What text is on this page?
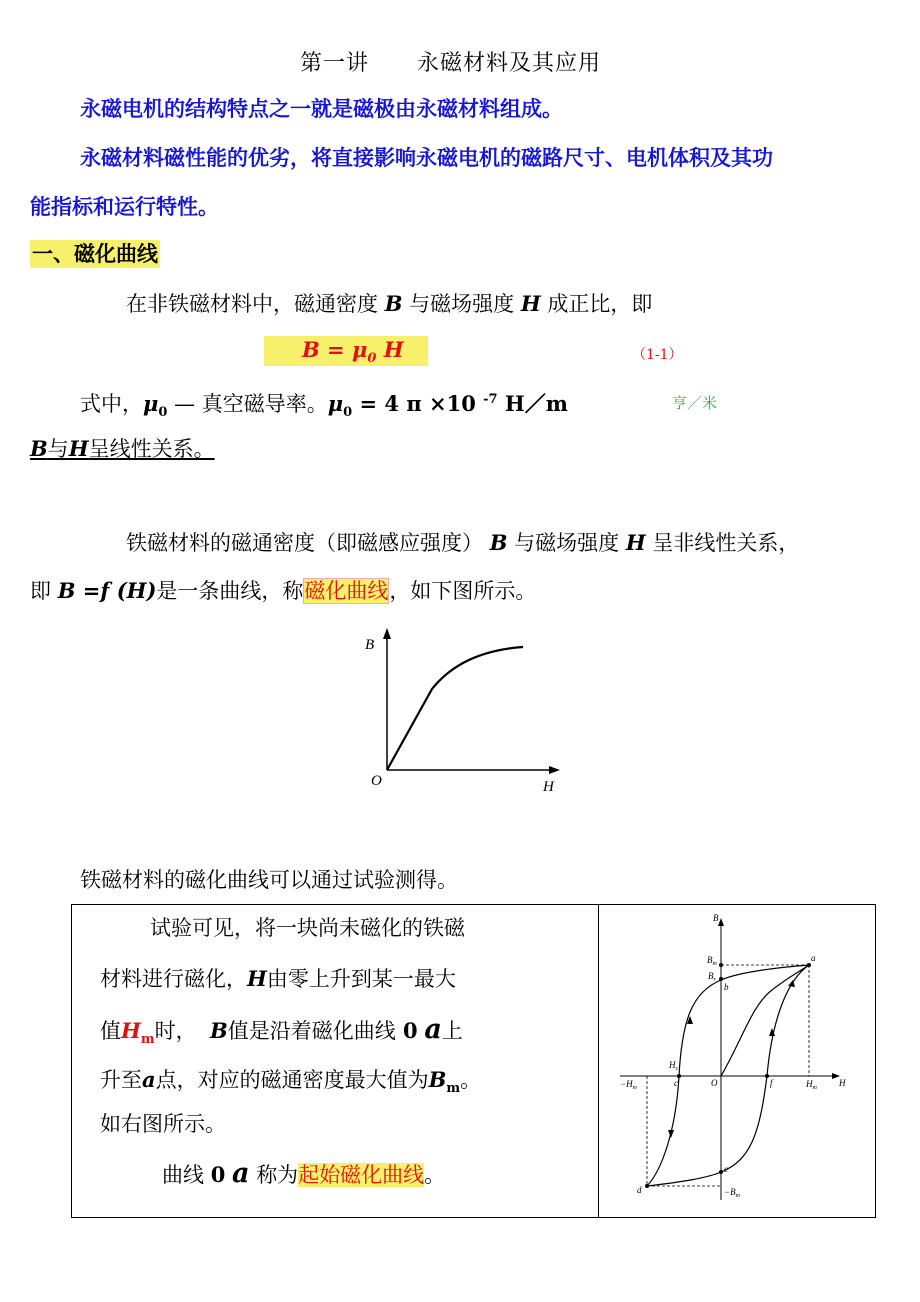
第一讲 永磁材料及其应用
永磁电机的结构特点之一就是磁极由永磁材料组成。
永磁材料磁性能的优劣，将直接影响永磁电机的磁路尺寸、电机体积及其功
能指标和运行特性。
一、磁化曲线
在非铁磁材料中，磁通密度 B 与磁场强度 H 成正比，即
$B = \mu_0$ H	（1-1）
式中，$\mu_0$ — 真空磁导率。$\mu_0 = 4$ π ×10 $^{-7}$ H／m	亨／米
B与H呈线性关系。
铁磁材料的磁通密度（即磁感应强度） B 与磁场强度 H 呈非线性关系，
即 B =f (H)是一条曲线，称磁化曲线，如下图所示。
B
H
O
铁磁材料的磁化曲线可以通过试验测得。
试验可见，将一块尚未磁化的铁磁
材料进行磁化，H由零上升到某一最大
值$H_m$时， B值是沿着磁化曲线 0 a上
升至a点，对应的磁通密度最大值为$B_m$。
如右图所示。
曲线 0 a 称为起始磁化曲线。
B
H
$B_m$
$B_r$
$H_c$
$H_m$
$-H_m$
$-B_m$
O
a
b
c
d
e
f
